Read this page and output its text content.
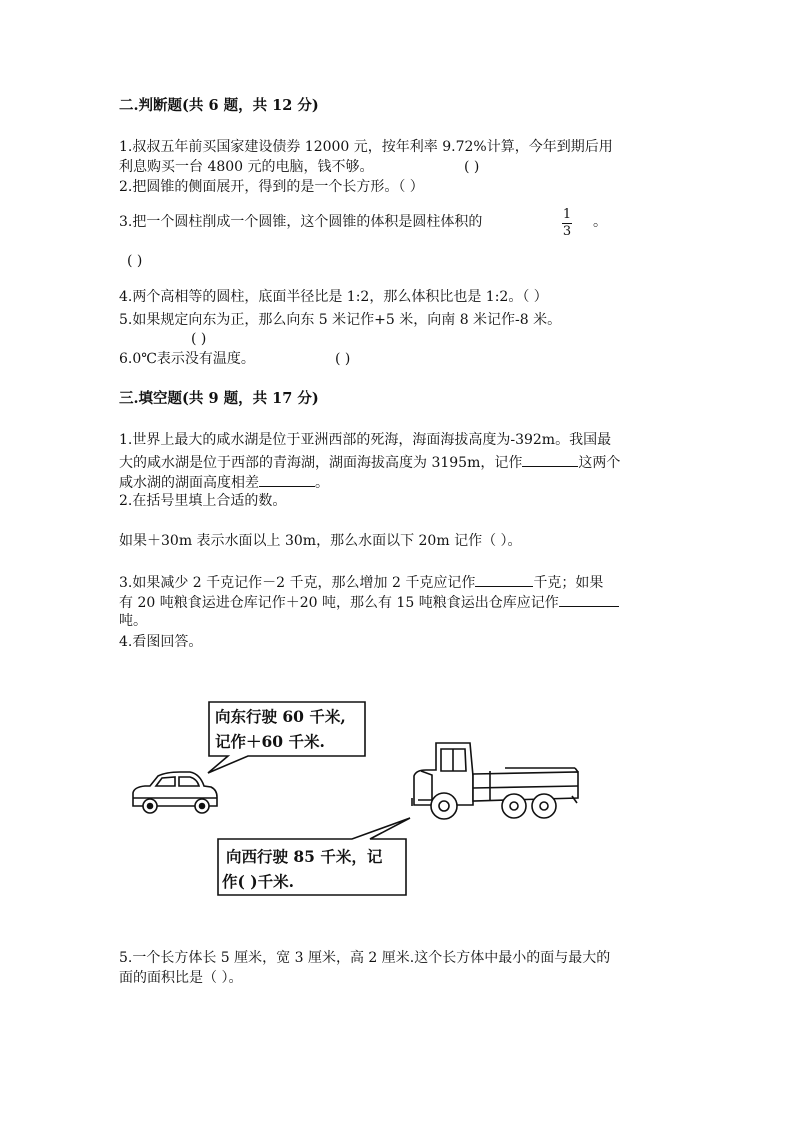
二.判断题(共 6 题，共 12 分)
1.叔叔五年前买国家建设债券 12000 元，按年利率 9.72%计算，今年到期后用
利息购买一台 4800 元的电脑，钱不够。	( )
2.把圆锥的侧面展开，得到的是一个长方形。（ ）
3.把一个圆柱削成一个圆锥，这个圆锥的体积是圆柱体积的	1
3
。
( )
4.两个高相等的圆柱，底面半径比是 1:2，那么体积比也是 1:2。（ ）
5.如果规定向东为正，那么向东 5 米记作+5 米，向南 8 米记作-8 米。
( )
6.0℃表示没有温度。	( )
三.填空题(共 9 题，共 17 分)
1.世界上最大的咸水湖是位于亚洲西部的死海，海面海拔高度为-392m。我国最
大的咸水湖是位于西部的青海湖，湖面海拔高度为 3195m，记作	这两个
咸水湖的湖面高度相差	。
2.在括号里填上合适的数。
如果＋30m 表示水面以上 30m，那么水面以下 20m 记作（ ）。
3.如果减少 2 千克记作－2 千克，那么增加 2 千克应记作	千克；如果
有 20 吨粮食运进仓库记作＋20 吨，那么有 15 吨粮食运出仓库应记作
吨。
4.看图回答。
向东行驶 60 千米,
记作＋60 千米.
向西行驶 85 千米，记
作( )千米.
5.一个长方体长 5 厘米，宽 3 厘米，高 2 厘米.这个长方体中最小的面与最大的
面的面积比是（ ）。
